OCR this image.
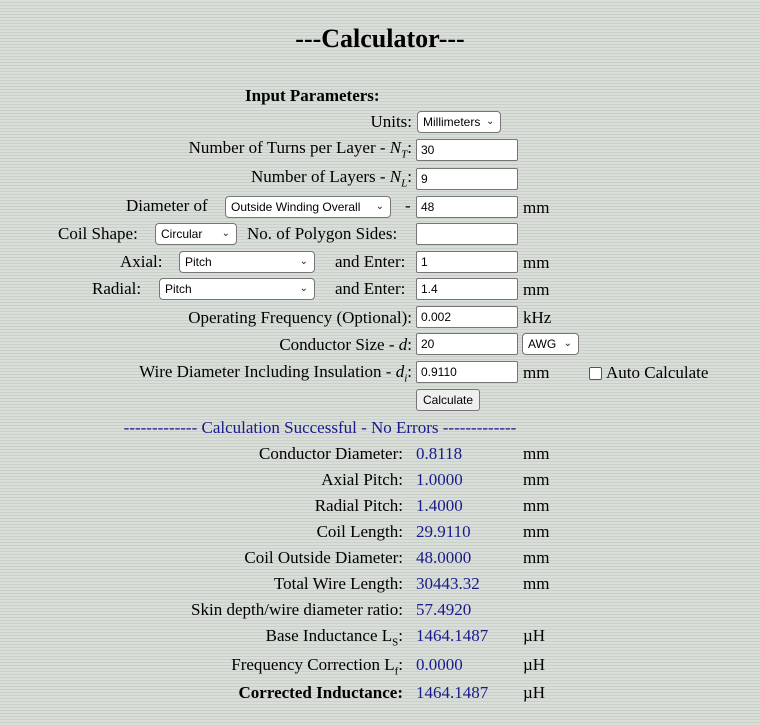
---Calculator---
Input Parameters:
Units: Millimeters ⌄
Number of Turns per Layer - $N_T$: 30
Number of Layers - $N_L$: 9
Diameter of	Outside Winding Overall ⌄ - 48	mm
Coil Shape:	Circular ⌄ No. of Polygon Sides:
Axial:	Pitch	⌄ and Enter:	1	mm
Radial:	Pitch	⌄ and Enter:	1.4	mm
Operating Frequency (Optional): 0.002	kHz
Conductor Size - d: 20	AWG ⌄
Wire Diameter Including Insulation - $d_i$: 0.9110	mm	Auto Calculate
Calculate
------------- Calculation Successful - No Errors -------------
Conductor Diameter: 0.8118	mm
Axial Pitch: 1.0000	mm
Radial Pitch: 1.4000	mm
Coil Length: 29.9110	mm
Coil Outside Diameter: 48.0000	mm
Total Wire Length: 30443.32	mm
Skin depth/wire diameter ratio: 57.4920
Base Inductance $L_S$: 1464.1487 µH
Frequency Correction $L_f$: 0.0000	µH
Corrected Inductance: 1464.1487 µH
